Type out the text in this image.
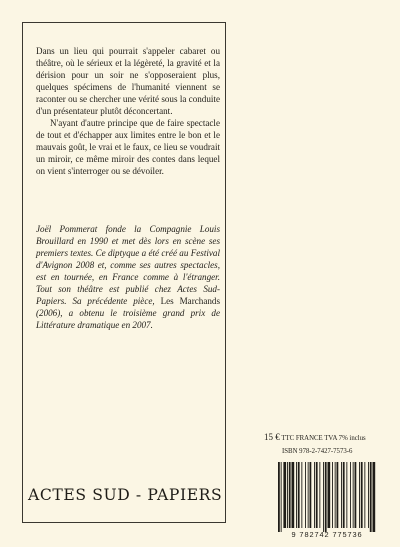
Dans un lieu qui pourrait s'appeler cabaret ou théâtre, où le sérieux et la légèreté, la gravité et la dérision pour un soir ne s'opposeraient plus, quelques spécimens de l'humanité viennent se raconter ou se chercher une vérité sous la conduite d'un présentateur plutôt déconcertant.

N'ayant d'autre principe que de faire spectacle de tout et d'échapper aux limites entre le bon et le mauvais goût, le vrai et le faux, ce lieu se voudrait un miroir, ce même miroir des contes dans lequel on vient s'interroger ou se dévoiler.

Joël Pommerat fonde la Compagnie Louis Brouillard en 1990 et met dès lors en scène ses premiers textes. Ce diptyque a été créé au Festival d'Avignon 2008 et, comme ses autres spectacles, est en tournée, en France comme à l'étranger. Tout son théâtre est publié chez Actes Sud-Papiers. Sa précédente pièce, Les Marchands (2006), a obtenu le troisième grand prix de Littérature dramatique en 2007.
15 € TTC FRANCE TVA 7% inclus
ISBN 978-2-7427-7573-6
9 782742 775736
ACTES SUD - PAPIERS
